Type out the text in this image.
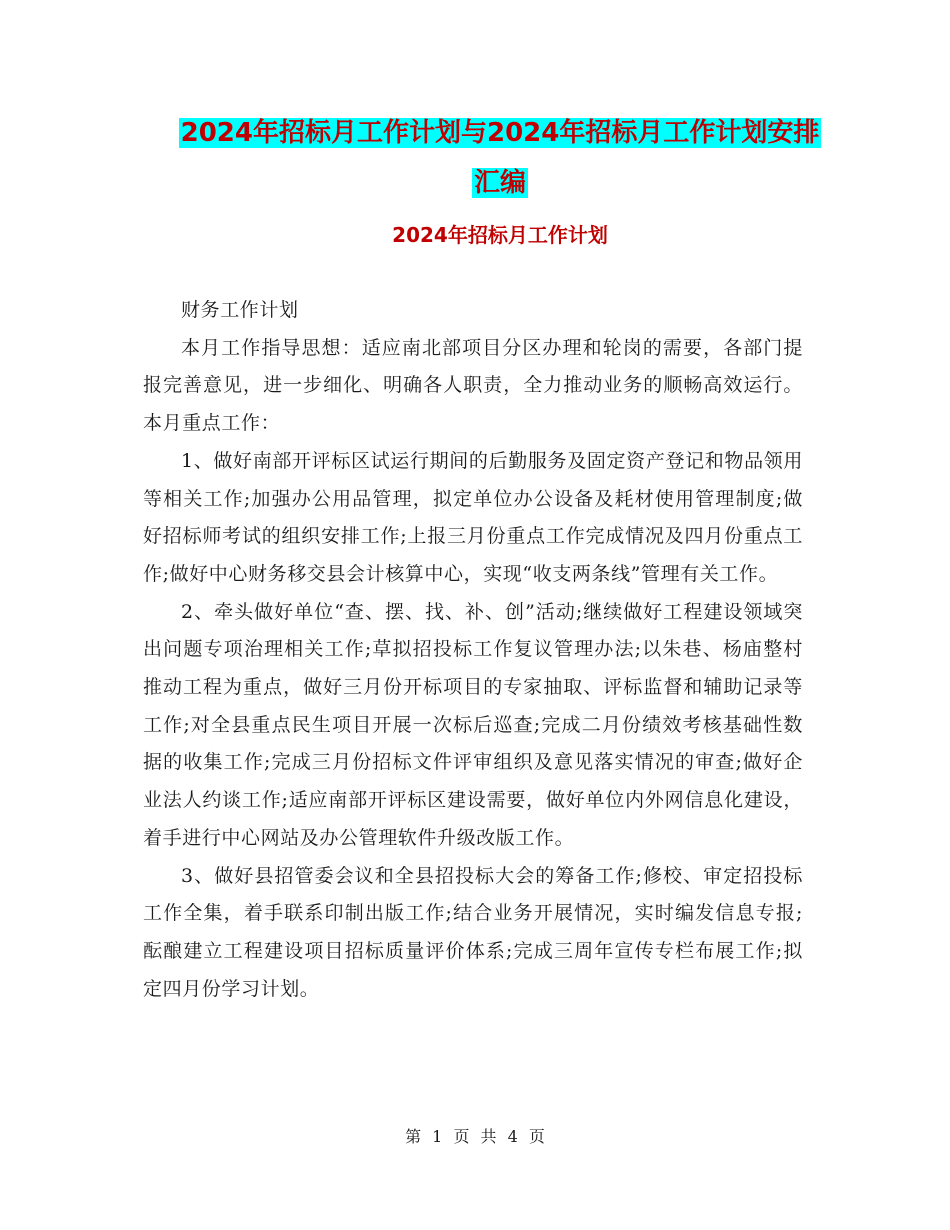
2024年招标月工作计划与2024年招标月工作计划安排
汇编
2024年招标月工作计划

财务工作计划

本月工作指导思想：适应南北部项目分区办理和轮岗的需要，各部门提报完善意见，进一步细化、明确各人职责，全力推动业务的顺畅高效运行。本月重点工作：

1、做好南部开评标区试运行期间的后勤服务及固定资产登记和物品领用等相关工作;加强办公用品管理，拟定单位办公设备及耗材使用管理制度;做好招标师考试的组织安排工作;上报三月份重点工作完成情况及四月份重点工作;做好中心财务移交县会计核算中心，实现“收支两条线”管理有关工作。

2、牵头做好单位“查、摆、找、补、创”活动;继续做好工程建设领域突出问题专项治理相关工作;草拟招投标工作复议管理办法;以朱巷、杨庙整村推动工程为重点，做好三月份开标项目的专家抽取、评标监督和辅助记录等工作;对全县重点民生项目开展一次标后巡查;完成二月份绩效考核基础性数据的收集工作;完成三月份招标文件评审组织及意见落实情况的审查;做好企业法人约谈工作;适应南部开评标区建设需要，做好单位内外网信息化建设，着手进行中心网站及办公管理软件升级改版工作。

3、做好县招管委会议和全县招投标大会的筹备工作;修校、审定招投标工作全集，着手联系印制出版工作;结合业务开展情况，实时编发信息专报;酝酿建立工程建设项目招标质量评价体系;完成三周年宣传专栏布展工作;拟定四月份学习计划。

第 1 页 共 4 页
